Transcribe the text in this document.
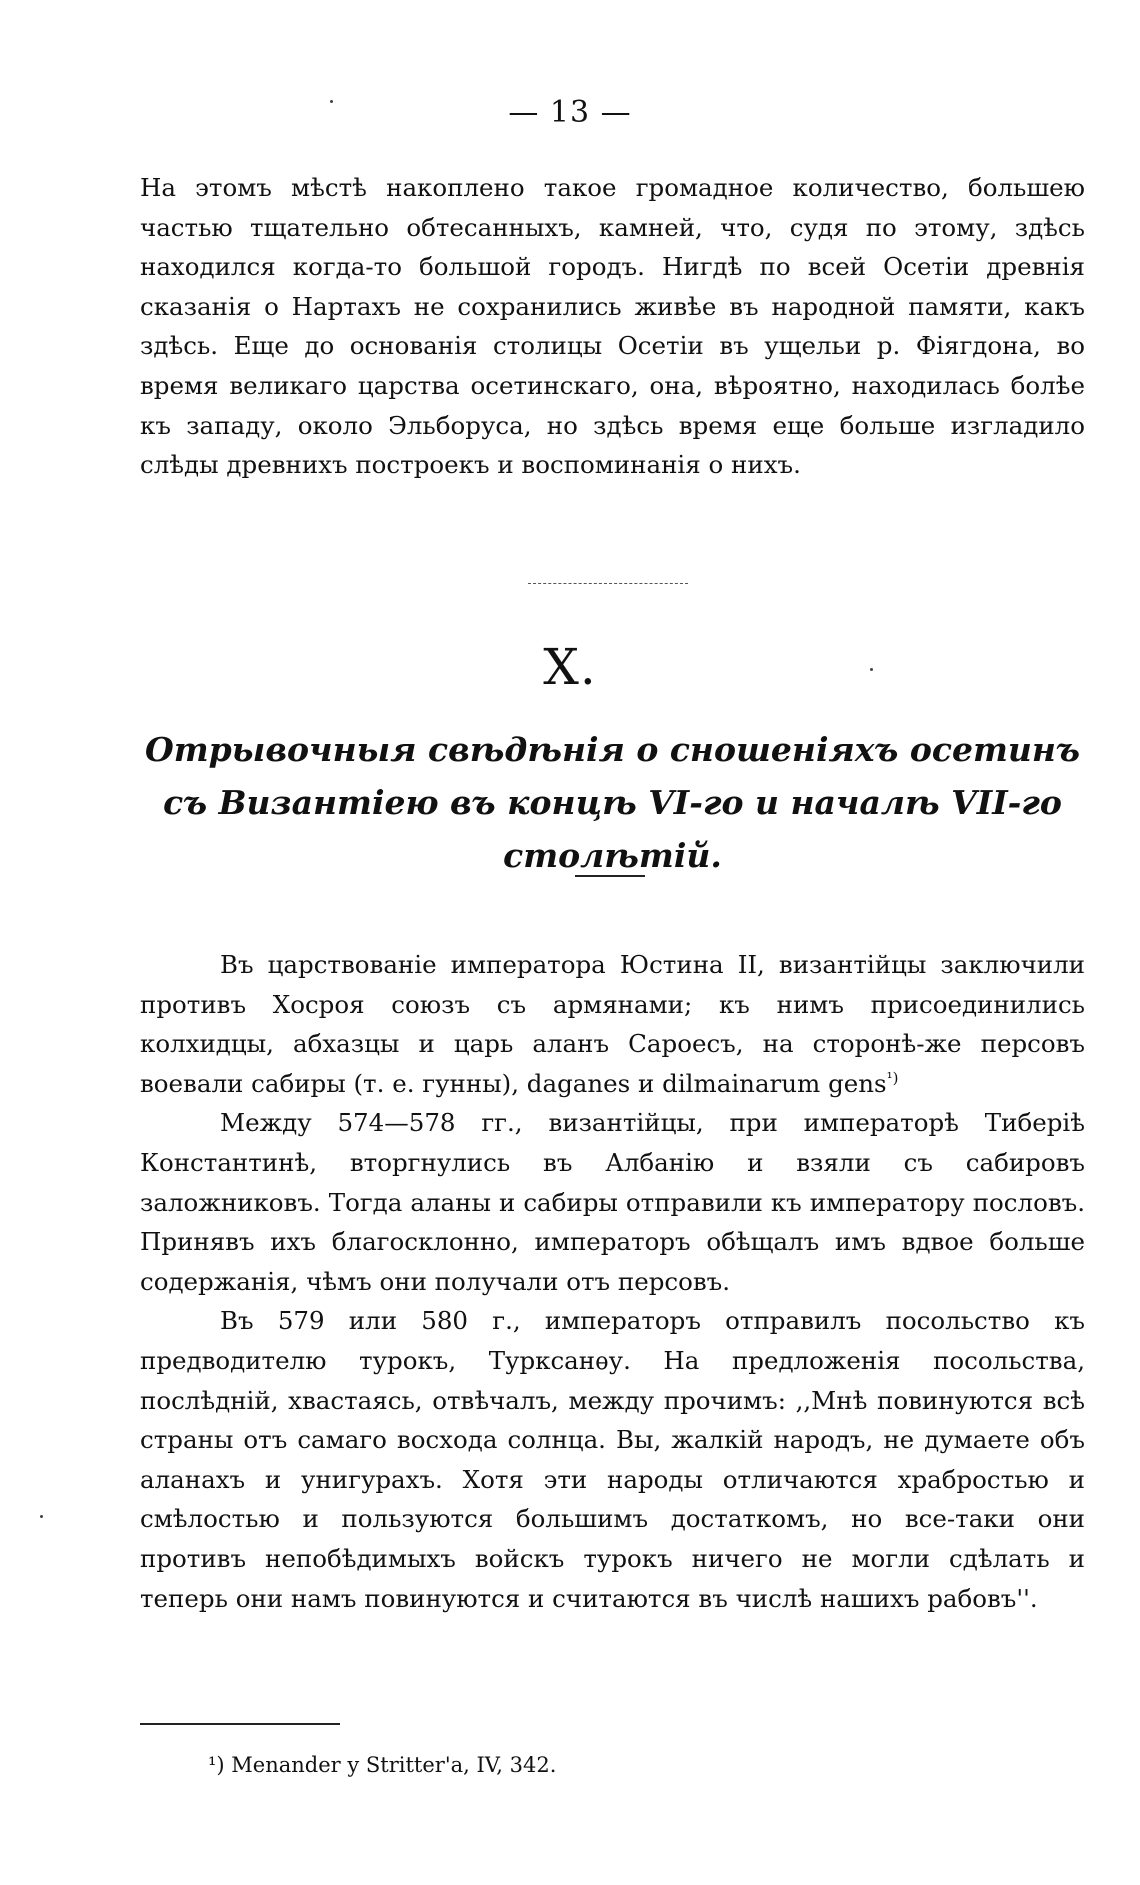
— 13 —

На этомъ мѣстѣ накоплено такое громадное количество, большею частью тщательно обтесанныхъ, камней, что, судя по этому, здѣсь находился когда-то большой городъ. Нигдѣ по всей Осетіи древнія сказанія о Нартахъ не сохранились живѣе въ народной памяти, какъ здѣсь. Еще до основанія столицы Осетіи въ ущельи р. Фіягдона, во время великаго царства осетинскаго, она, вѣроятно, находилась болѣе къ западу, около Эльборуса, но здѣсь время еще больше изгладило слѣды древнихъ построекъ и воспоминанія о нихъ.

X.

Отрывочныя свѣдѣнія о сношеніяхъ осетинъ съ Византіею въ концѣ VI-го и началѣ VII-го столѣтій.

Въ царствованіе императора Юстина II, византійцы заключили противъ Хосроя союзъ съ армянами; къ нимъ присоединились колхидцы, абхазцы и царь аланъ Сароесъ, на сторонѣ-же персовъ воевали сабиры (т. е. гунны), daganes и dilmainarum gens$^{^1)}$

Между 574—578 гг., византійцы, при императорѣ Тиберіѣ Константинѣ, вторгнулись въ Албанію и взяли съ сабировъ заложниковъ. Тогда аланы и сабиры отправили къ императору пословъ. Принявъ ихъ благосклонно, императоръ обѣщалъ имъ вдвое больше содержанія, чѣмъ они получали отъ персовъ.

Въ 579 или 580 г., императоръ отправилъ посольство къ предводителю турокъ, Турксанѳу. На предложенія посольства, послѣдній, хвастаясь, отвѣчалъ, между прочимъ: ,,Мнѣ повинуются всѣ страны отъ самаго восхода солнца. Вы, жалкій народъ, не думаете объ аланахъ и унигурахъ. Хотя эти народы отличаются храбростью и смѣлостью и пользуются большимъ достаткомъ, но все-таки они противъ непобѣдимыхъ войскъ турокъ ничего не могли сдѣлать и теперь они намъ повинуются и считаются въ числѣ нашихъ рабовъ''.

¹) Menander y Stritter'a, IV, 342.
